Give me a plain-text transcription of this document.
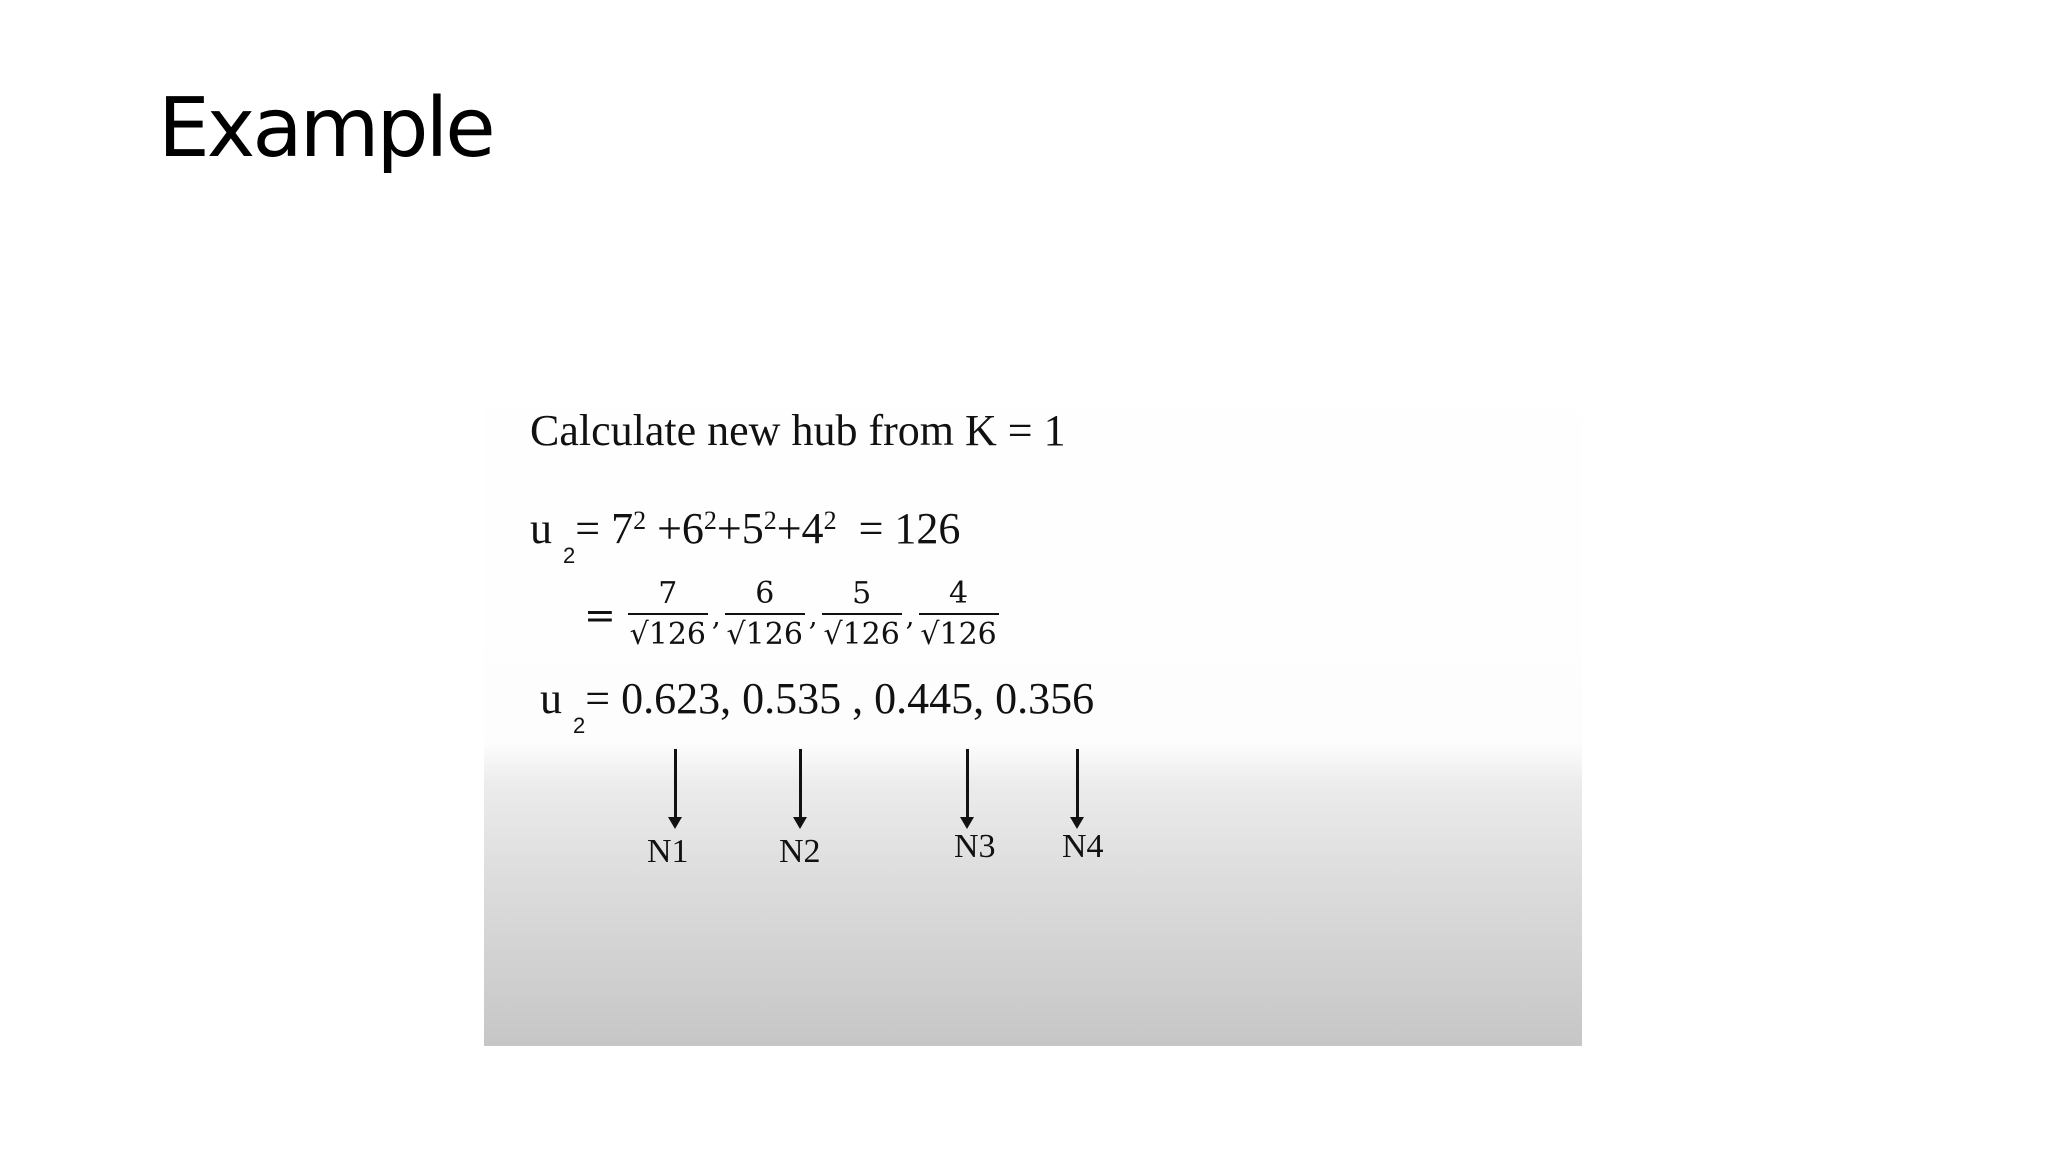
Example
Calculate new hub from K = 1
u $_2= 7^2 +6^2+5^2+4^2 = 126$
= $\frac{7}{√126}$ , $\frac{6}{√126}$ , $\frac{5}{√126}$ , $\frac{4}{√126}$
u $_2$= 0.623, 0.535 , 0.445, 0.356
N1	N2	N3 N4
